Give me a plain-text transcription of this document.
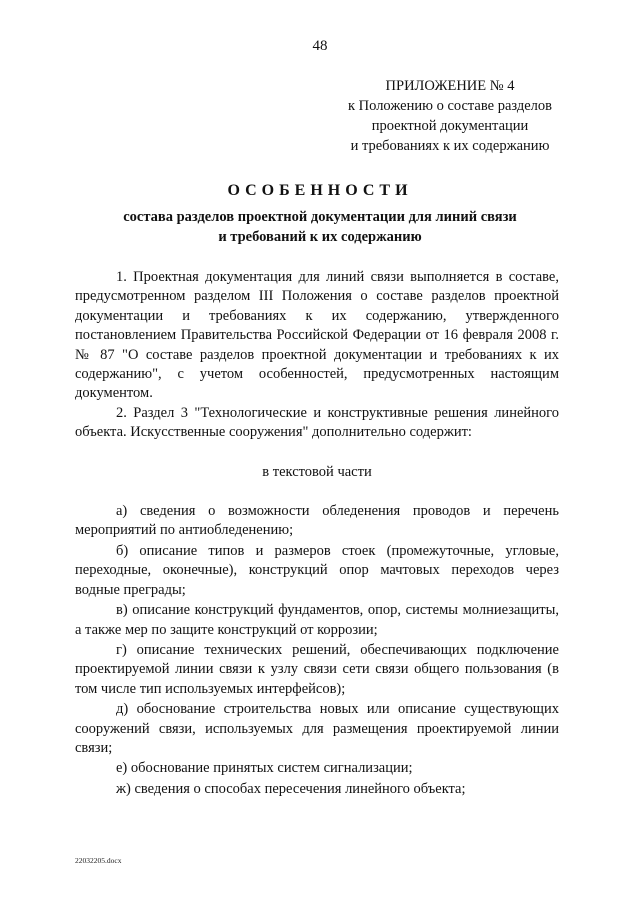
48
ПРИЛОЖЕНИЕ № 4
к Положению о составе разделов
проектной документации
и требованиях к их содержанию
ОСОБЕННОСТИ
состава разделов проектной документации для линий связи
и требований к их содержанию

1. Проектная документация для линий связи выполняется в составе, предусмотренном разделом III Положения о составе разделов проектной документации и требованиях к их содержанию, утвержденного постановлением Правительства Российской Федерации от 16 февраля 2008 г. № 87 "О составе разделов проектной документации и требованиях к их содержанию", с учетом особенностей, предусмотренных настоящим документом.

2. Раздел 3 "Технологические и конструктивные решения линейного объекта. Искусственные сооружения" дополнительно содержит:

в текстовой части

а) сведения о возможности обледенения проводов и перечень мероприятий по антиобледенению;

б) описание типов и размеров стоек (промежуточные, угловые, переходные, оконечные), конструкций опор мачтовых переходов через водные преграды;

в) описание конструкций фундаментов, опор, системы молниезащиты, а также мер по защите конструкций от коррозии;

г) описание технических решений, обеспечивающих подключение проектируемой линии связи к узлу связи сети связи общего пользования (в том числе тип используемых интерфейсов);

д) обоснование строительства новых или описание существующих сооружений связи, используемых для размещения проектируемой линии связи;

е) обоснование принятых систем сигнализации;

ж) сведения о способах пересечения линейного объекта;

22032205.docx
